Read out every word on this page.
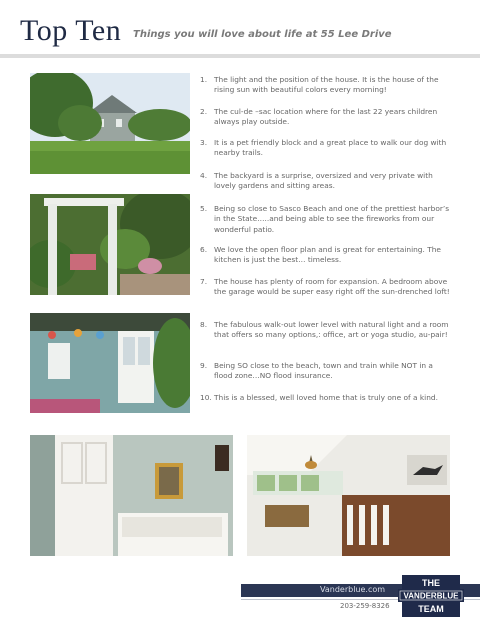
Top Ten Things you will love about life at 55 Lee Drive
1. The light and the position of the house. It is the house of the rising sun with beautiful colors every morning!
2. The cul-de –sac location where for the last 22 years children always play outside.
3. It is a pet friendly block and a great place to walk our dog with nearby trails.
4. The backyard is a surprise, oversized and very private with lovely gardens and sitting areas.
5. Being so close to Sasco Beach and one of the prettiest harbor’s in the State…..and being able to see the fireworks from our wonderful patio.
6. We love the open floor plan and is great for entertaining. The kitchen is just the best… timeless.
7. The house has plenty of room for expansion. A bedroom above the garage would be super easy right off the sun-drenched loft!
8. The fabulous walk-out lower level with natural light and a room that offers so many options,: office, art or yoga studio, au-pair!
9. Being SO close to the beach, town and train while NOT in a flood zone…NO flood insurance.
10. This is a blessed, well loved home that is truly one of a kind.
Vanderblue.com
203-259-8326
THE
VANDERBLUE
TEAM
